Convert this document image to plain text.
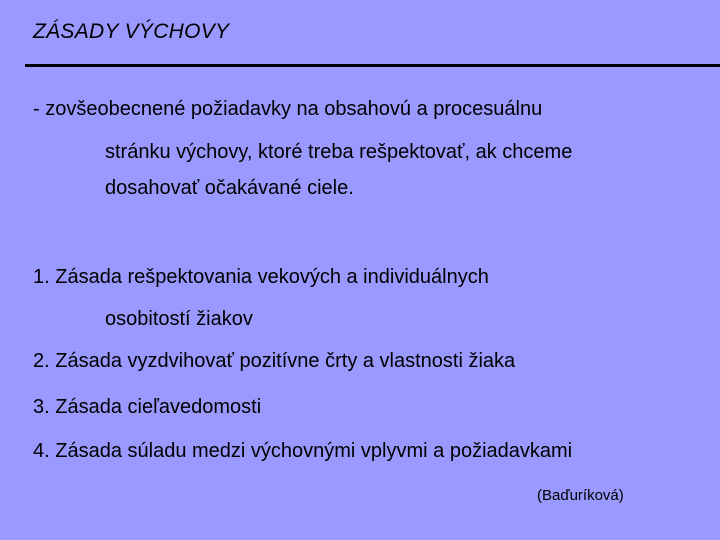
ZÁSADY VÝCHOVY
- zovšeobecnené požiadavky na obsahovú a procesuálnu
stránku výchovy, ktoré treba rešpektovať, ak chceme
dosahovať očakávané ciele.
1. Zásada rešpektovania vekových a individuálnych
osobitostí žiakov
2. Zásada vyzdvihovať pozitívne črty a vlastnosti žiaka
3. Zásada cieľavedomosti
4. Zásada súladu medzi výchovnými vplyvmi a požiadavkami
(Baďuríková)
